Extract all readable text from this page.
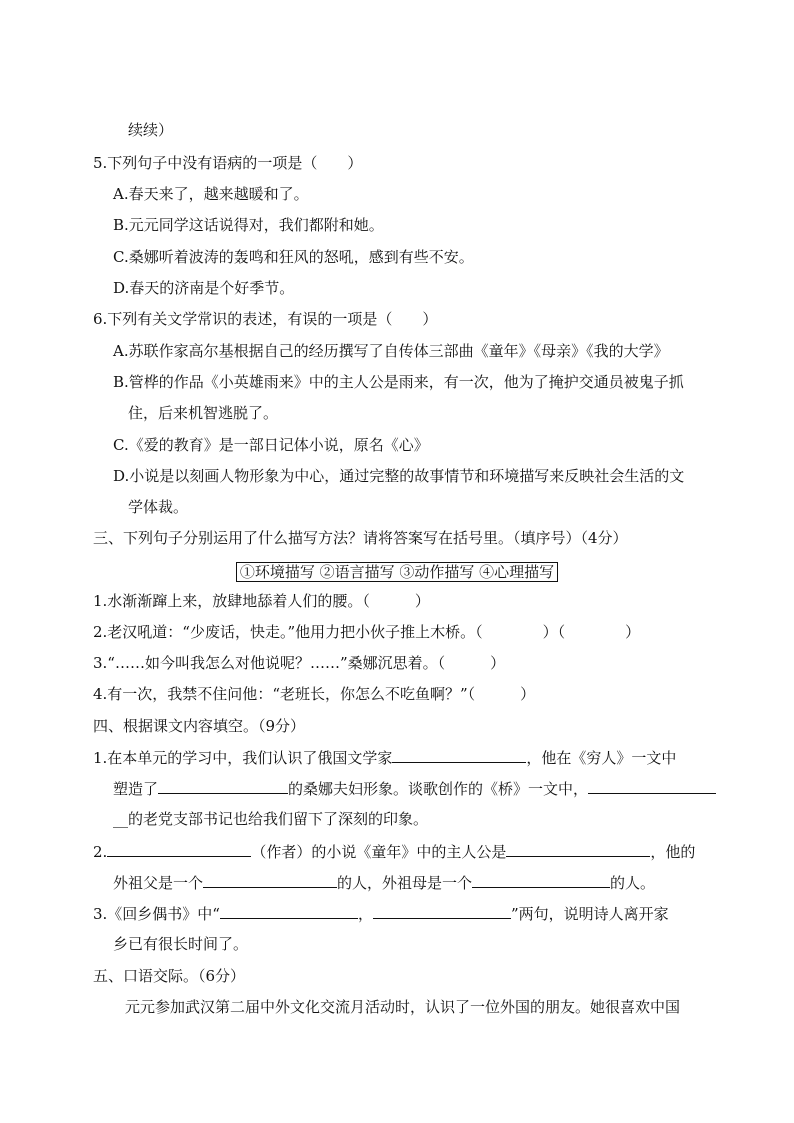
续续）
5.下列句子中没有语病的一项是（　　）
A.春天来了，越来越暖和了。
B.元元同学这话说得对，我们都附和她。
C.桑娜听着波涛的轰鸣和狂风的怒吼，感到有些不安。
D.春天的济南是个好季节。
6.下列有关文学常识的表述，有误的一项是（　　）
A.苏联作家高尔基根据自己的经历撰写了自传体三部曲《童年》《母亲》《我的大学》
B.管桦的作品《小英雄雨来》中的主人公是雨来，有一次，他为了掩护交通员被鬼子抓
住，后来机智逃脱了。
C.《爱的教育》是一部日记体小说，原名《心》
D.小说是以刻画人物形象为中心，通过完整的故事情节和环境描写来反映社会生活的文
学体裁。
三、下列句子分别运用了什么描写方法？请将答案写在括号里。（填序号）（4分）
①环境描写 ②语言描写 ③动作描写 ④心理描写
1.水渐渐蹿上来，放肆地舔着人们的腰。（　　　）
2.老汉吼道：“少废话，快走。”他用力把小伙子推上木桥。（　　　　）（　　　　）
3.“……如今叫我怎么对他说呢？……”桑娜沉思着。（　　　）
4.有一次，我禁不住问他：“老班长，你怎么不吃鱼啊？”（　　　）
四、根据课文内容填空。（9分）
1.在本单元的学习中，我们认识了俄国文学家	，他在《穷人》一文中
塑造了	的桑娜夫妇形象。谈歌创作的《桥》一文中，
__的老党支部书记也给我们留下了深刻的印象。
2.	（作者）的小说《童年》中的主人公是	，他的
外祖父是一个	的人，外祖母是一个	的人。
3.《回乡偶书》中“	，	”两句，说明诗人离开家
乡已有很长时间了。
五、口语交际。（6分）
元元参加武汉第二届中外文化交流月活动时，认识了一位外国的朋友。她很喜欢中国
